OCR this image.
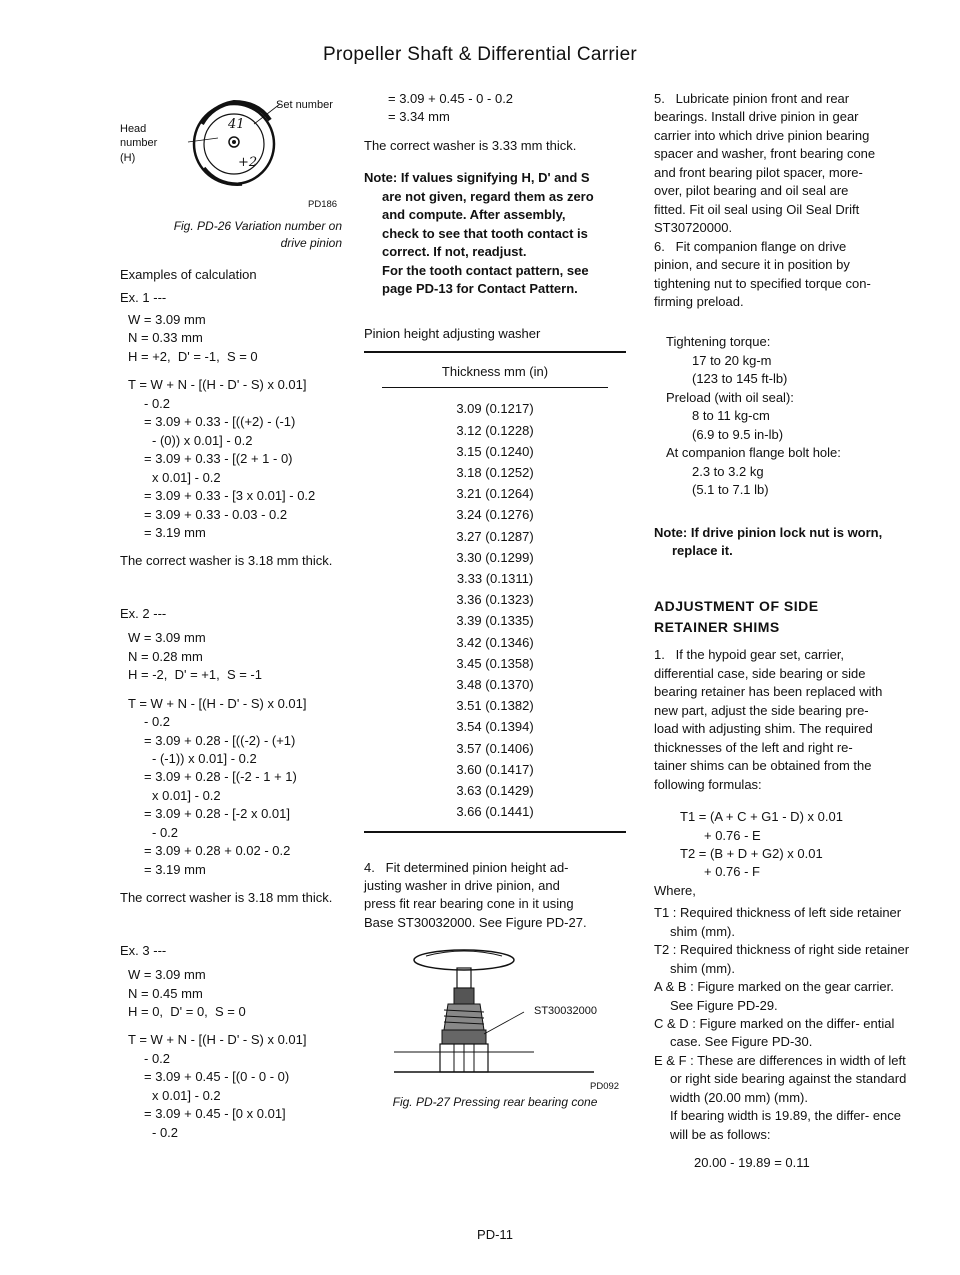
Propeller Shaft & Differential Carrier
Head
number
(H)
Set number
41
+2
PD186
Fig. PD-26 Variation number on
drive pinion
Examples of calculation
Ex. 1 ---
W = 3.09 mm
N = 0.33 mm
H = +2,  D' = -1,  S = 0
T = W + N - [(H - D' - S) x 0.01]
- 0.2
= 3.09 + 0.33 - [((+2) - (-1)
- (0)) x 0.01] - 0.2
= 3.09 + 0.33 - [(2 + 1 - 0)
x 0.01] - 0.2
= 3.09 + 0.33 - [3 x 0.01] - 0.2
= 3.09 + 0.33 - 0.03 - 0.2
= 3.19 mm
The correct washer is 3.18 mm thick.
Ex. 2 ---
W = 3.09 mm
N = 0.28 mm
H = -2,  D' = +1,  S = -1
T = W + N - [(H - D' - S) x 0.01]
- 0.2
= 3.09 + 0.28 - [((-2) - (+1)
- (-1)) x 0.01] - 0.2
= 3.09 + 0.28 - [(-2 - 1 + 1)
x 0.01] - 0.2
= 3.09 + 0.28 - [-2 x 0.01]
- 0.2
= 3.09 + 0.28 + 0.02 - 0.2
= 3.19 mm
The correct washer is 3.18 mm thick.
Ex. 3 ---
W = 3.09 mm
N = 0.45 mm
H = 0,  D' = 0,  S = 0
T = W + N - [(H - D' - S) x 0.01]
- 0.2
= 3.09 + 0.45 - [(0 - 0 - 0)
x 0.01] - 0.2
= 3.09 + 0.45 - [0 x 0.01]
- 0.2
= 3.09 + 0.45 - 0 - 0.2
= 3.34 mm
The correct washer is 3.33 mm thick.
Note: If values signifying H, D' and S
are not given, regard them as zero
and compute. After assembly,
check to see that tooth contact is
correct. If not, readjust.
For the tooth contact pattern, see
page PD-13 for Contact Pattern.
Pinion height adjusting washer
Thickness mm (in)
3.09 (0.1217)
3.12 (0.1228)
3.15 (0.1240)
3.18 (0.1252)
3.21 (0.1264)
3.24 (0.1276)
3.27 (0.1287)
3.30 (0.1299)
3.33 (0.1311)
3.36 (0.1323)
3.39 (0.1335)
3.42 (0.1346)
3.45 (0.1358)
3.48 (0.1370)
3.51 (0.1382)
3.54 (0.1394)
3.57 (0.1406)
3.60 (0.1417)
3.63 (0.1429)
3.66 (0.1441)
4.   Fit determined pinion height ad-
justing washer in drive pinion, and
press fit rear bearing cone in it using
Base ST30032000. See Figure PD-27.
ST30032000
PD092
Fig. PD-27 Pressing rear bearing cone
PD-11
5.   Lubricate pinion front and rear
bearings. Install drive pinion in gear
carrier into which drive pinion bearing
spacer and washer, front bearing cone
and front bearing pilot spacer, more-
over, pilot bearing and oil seal are
fitted. Fit oil seal using Oil Seal Drift
ST30720000.
6.   Fit companion flange on drive
pinion, and secure it in position by
tightening nut to specified torque con-
firming preload.
Tightening torque:
17 to 20 kg-m
(123 to 145 ft-lb)
Preload (with oil seal):
8 to 11 kg-cm
(6.9 to 9.5 in-lb)
At companion flange bolt hole:
2.3 to 3.2 kg
(5.1 to 7.1 lb)
Note: If drive pinion lock nut is worn,
replace it.
ADJUSTMENT OF SIDE
RETAINER SHIMS
1.   If the hypoid gear set, carrier,
differential case, side bearing or side
bearing retainer has been replaced with
new part, adjust the side bearing pre-
load with adjusting shim. The required
thicknesses of the left and right re-
tainer shims can be obtained from the
following formulas:
T1 = (A + C + G1 - D) x 0.01
+ 0.76 - E
T2 = (B + D + G2) x 0.01
+ 0.76 - F
Where,
T1 : Required thickness of left side retainer shim (mm).
T2 : Required thickness of right side retainer shim (mm).
A & B : Figure marked on the gear carrier. See Figure PD-29.
C & D : Figure marked on the differ- ential case. See Figure PD-30.
E & F : These are differences in width of left or right side bearing against the standard width (20.00 mm) (mm).
If bearing width is 19.89, the differ- ence will be as follows:
20.00 - 19.89 = 0.11
